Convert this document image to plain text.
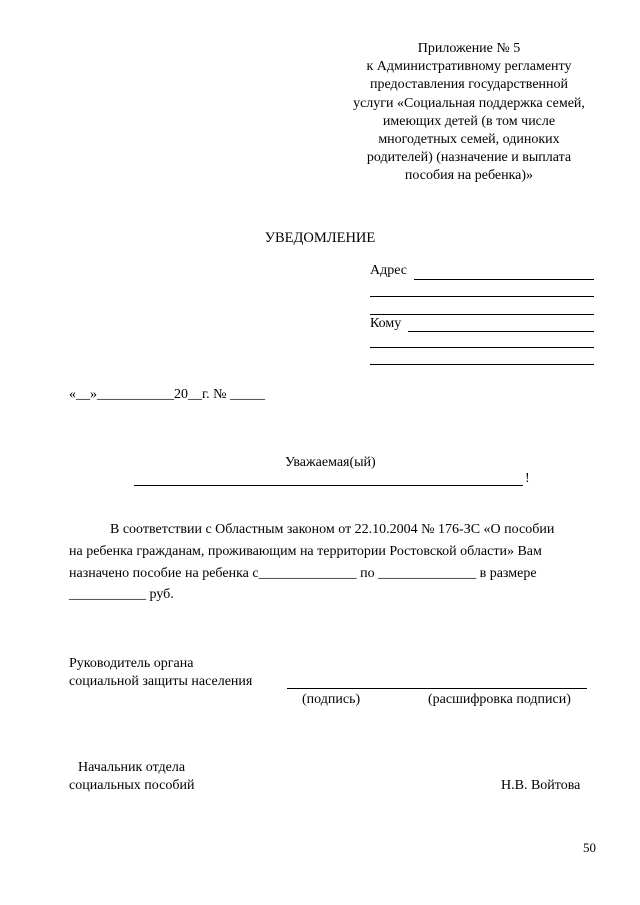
Приложение № 5
к Административному регламенту
предоставления государственной
услуги «Социальная поддержка семей,
имеющих детей (в том числе
многодетных семей, одиноких
родителей) (назначение и выплата
пособия на ребенка)»
УВЕДОМЛЕНИЕ
Адрес
Кому
«__»___________20__г. № _____
Уважаемая(ый)
!
В соответствии с Областным законом от 22.10.2004 № 176-ЗС «О пособии
на ребенка гражданам, проживающим на территории Ростовской области» Вам
назначено пособие на ребенка с______________ по ______________ в размере
___________ руб.
Руководитель органа
социальной защиты населения
(подпись)	(расшифровка подписи)
Начальник отдела
социальных пособий	Н.В. Войтова
50
